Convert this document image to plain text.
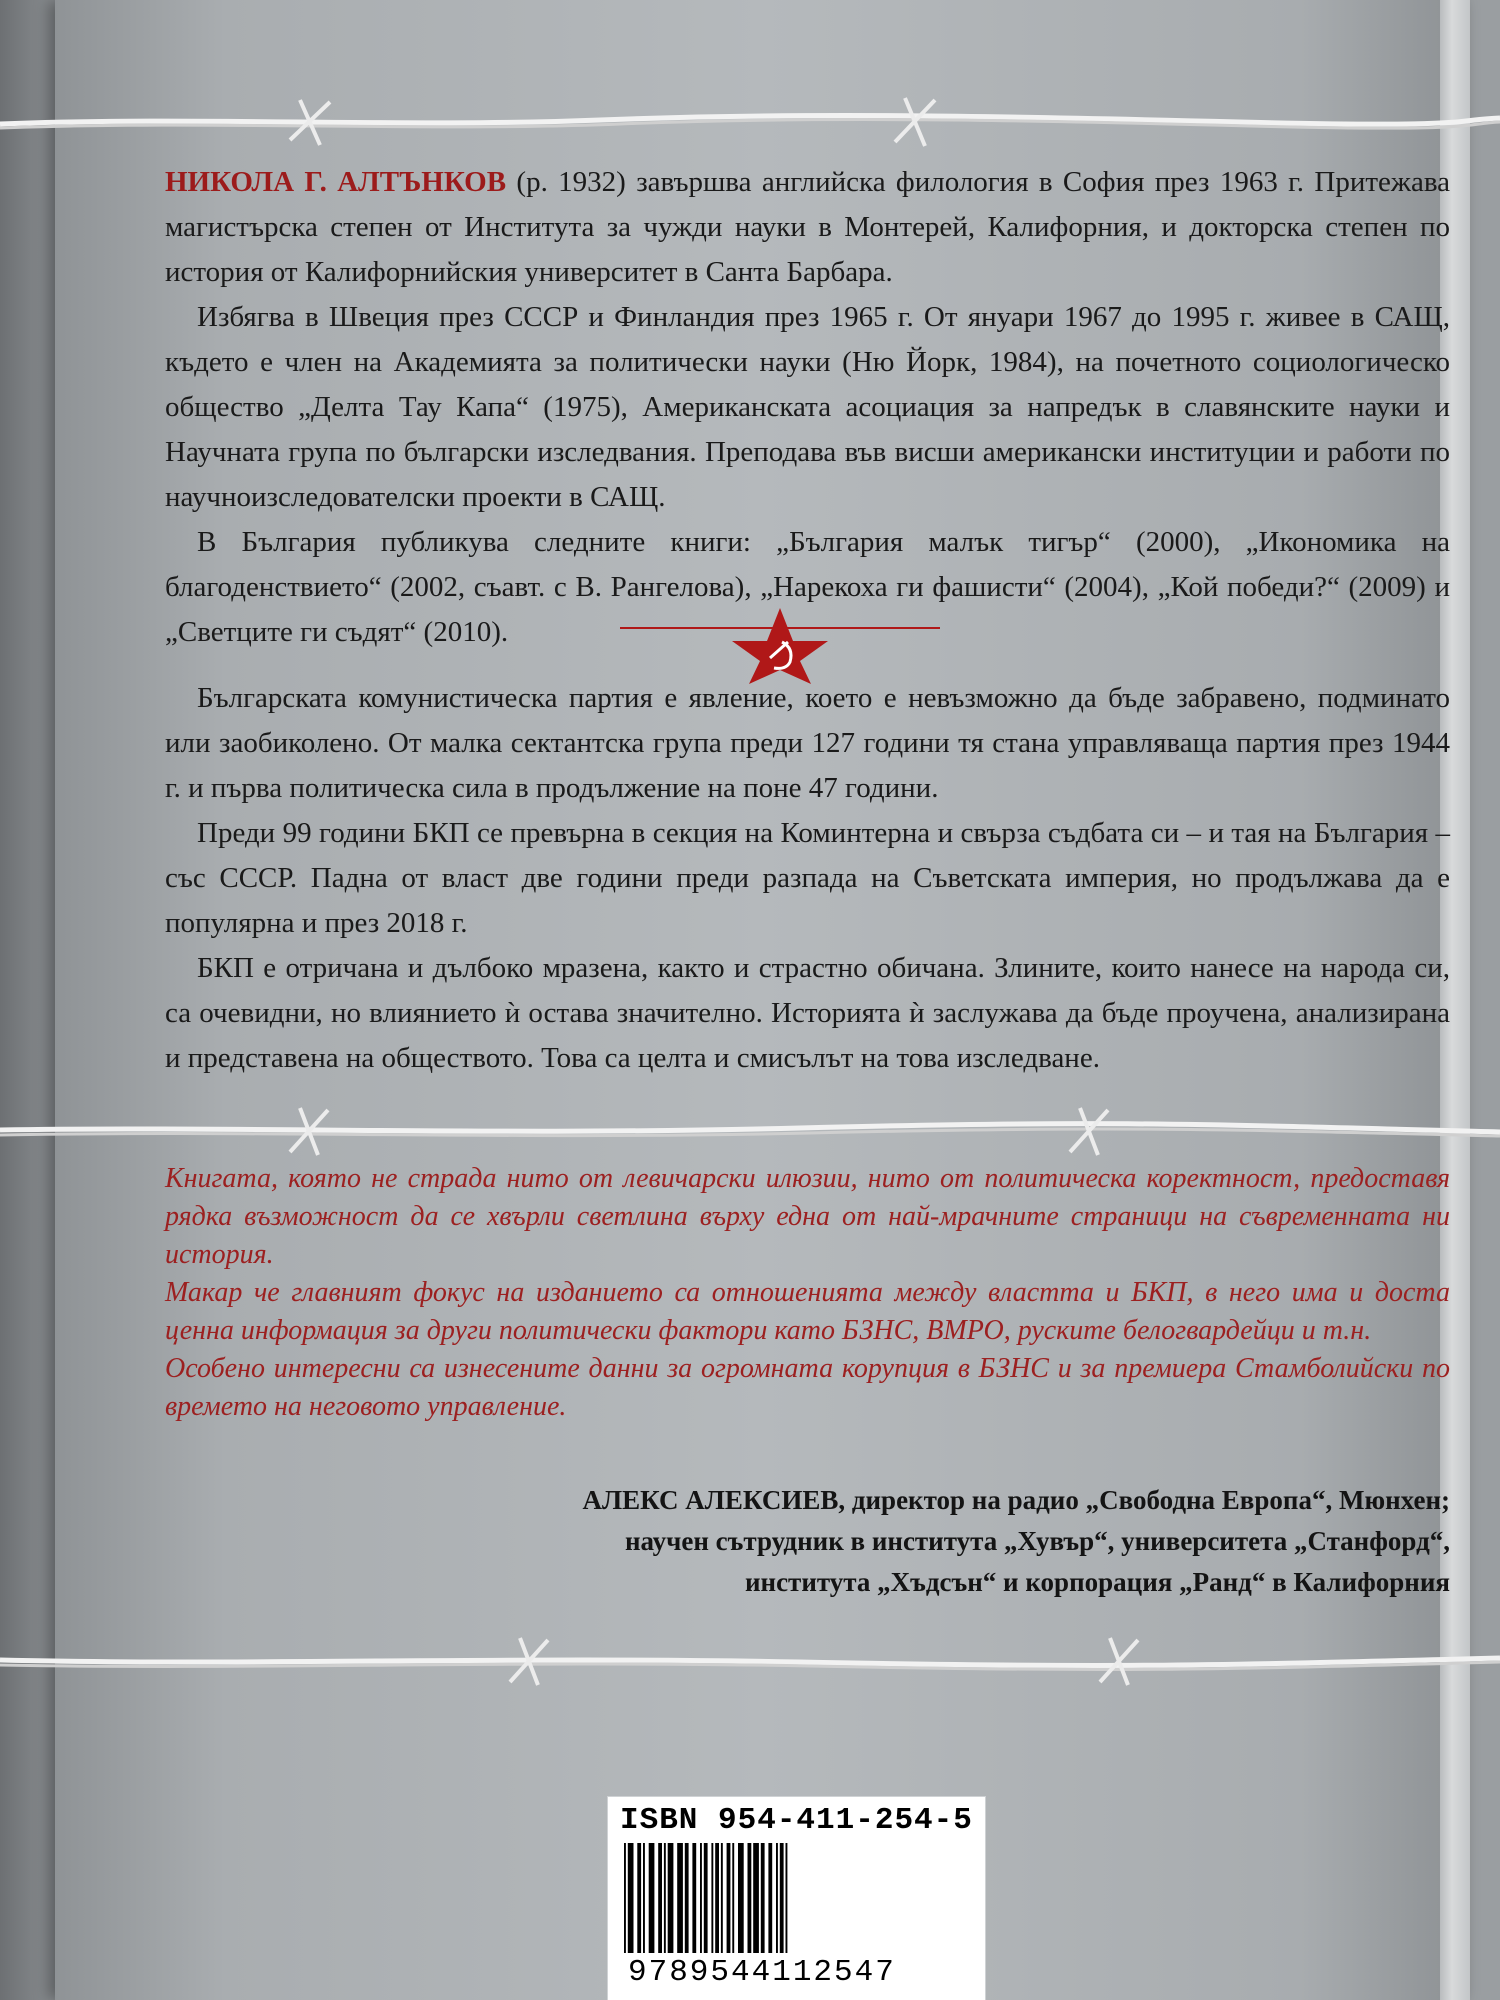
НИКОЛА Г. АЛТЪНКОВ (р. 1932) завършва английска филология в София през 1963 г. Притежава магистърска степен от Института за чужди науки в Монтерей, Калифорния, и докторска степен по история от Калифорнийския университет в Санта Барбара.

Избягва в Швеция през СССР и Финландия през 1965 г. От януари 1967 до 1995 г. живее в САЩ, където е член на Академията за политически науки (Ню Йорк, 1984), на почетното социологическо общество „Делта Тау Капа“ (1975), Американската асоциация за напредък в славянските науки и Научната група по български изследвания. Преподава във висши американски институции и работи по научноизследователски проекти в САЩ.

В България публикува следните книги: „България малък тигър“ (2000), „Икономика на благоденствието“ (2002, съавт. с В. Рангелова), „Нарекоха ги фашисти“ (2004), „Кой победи?“ (2009) и „Светците ги съдят“ (2010).

Българската комунистическа партия е явление, което е невъзможно да бъде забравено, подминато или заобиколено. От малка сектантска група преди 127 години тя стана управляваща партия през 1944 г. и първа политическа сила в продължение на поне 47 години.

Преди 99 години БКП се превърна в секция на Коминтерна и свърза съдбата си – и тая на България – със СССР. Падна от власт две години преди разпада на Съветската империя, но продължава да е популярна и през 2018 г.

БКП е отричана и дълбоко мразена, както и страстно обичана. Злините, които нанесе на народа си, са очевидни, но влиянието ѝ остава значително. Историята ѝ заслужава да бъде проучена, анализирана и представена на обществото. Това са целта и смисълът на това изследване.

Книгата, която не страда нито от левичарски илюзии, нито от политическа коректност, предоставя рядка възможност да се хвърли светлина върху една от най-мрачните страници на съвременната ни история.

Макар че главният фокус на изданието са отношенията между властта и БКП, в него има и доста ценна информация за други политически фактори като БЗНС, ВМРО, руските белогвардейци и т.н.

Особено интересни са изнесените данни за огромната корупция в БЗНС и за премиера Стамболийски по времето на неговото управление.

АЛЕКС АЛЕКСИЕВ, директор на радио „Свободна Европа“, Мюнхен;
научен сътрудник в института „Хувър“, университета „Станфорд“,
института „Хъдсън“ и корпорация „Ранд“ в Калифорния
ISBN 954-411-254-5
9789544112547
